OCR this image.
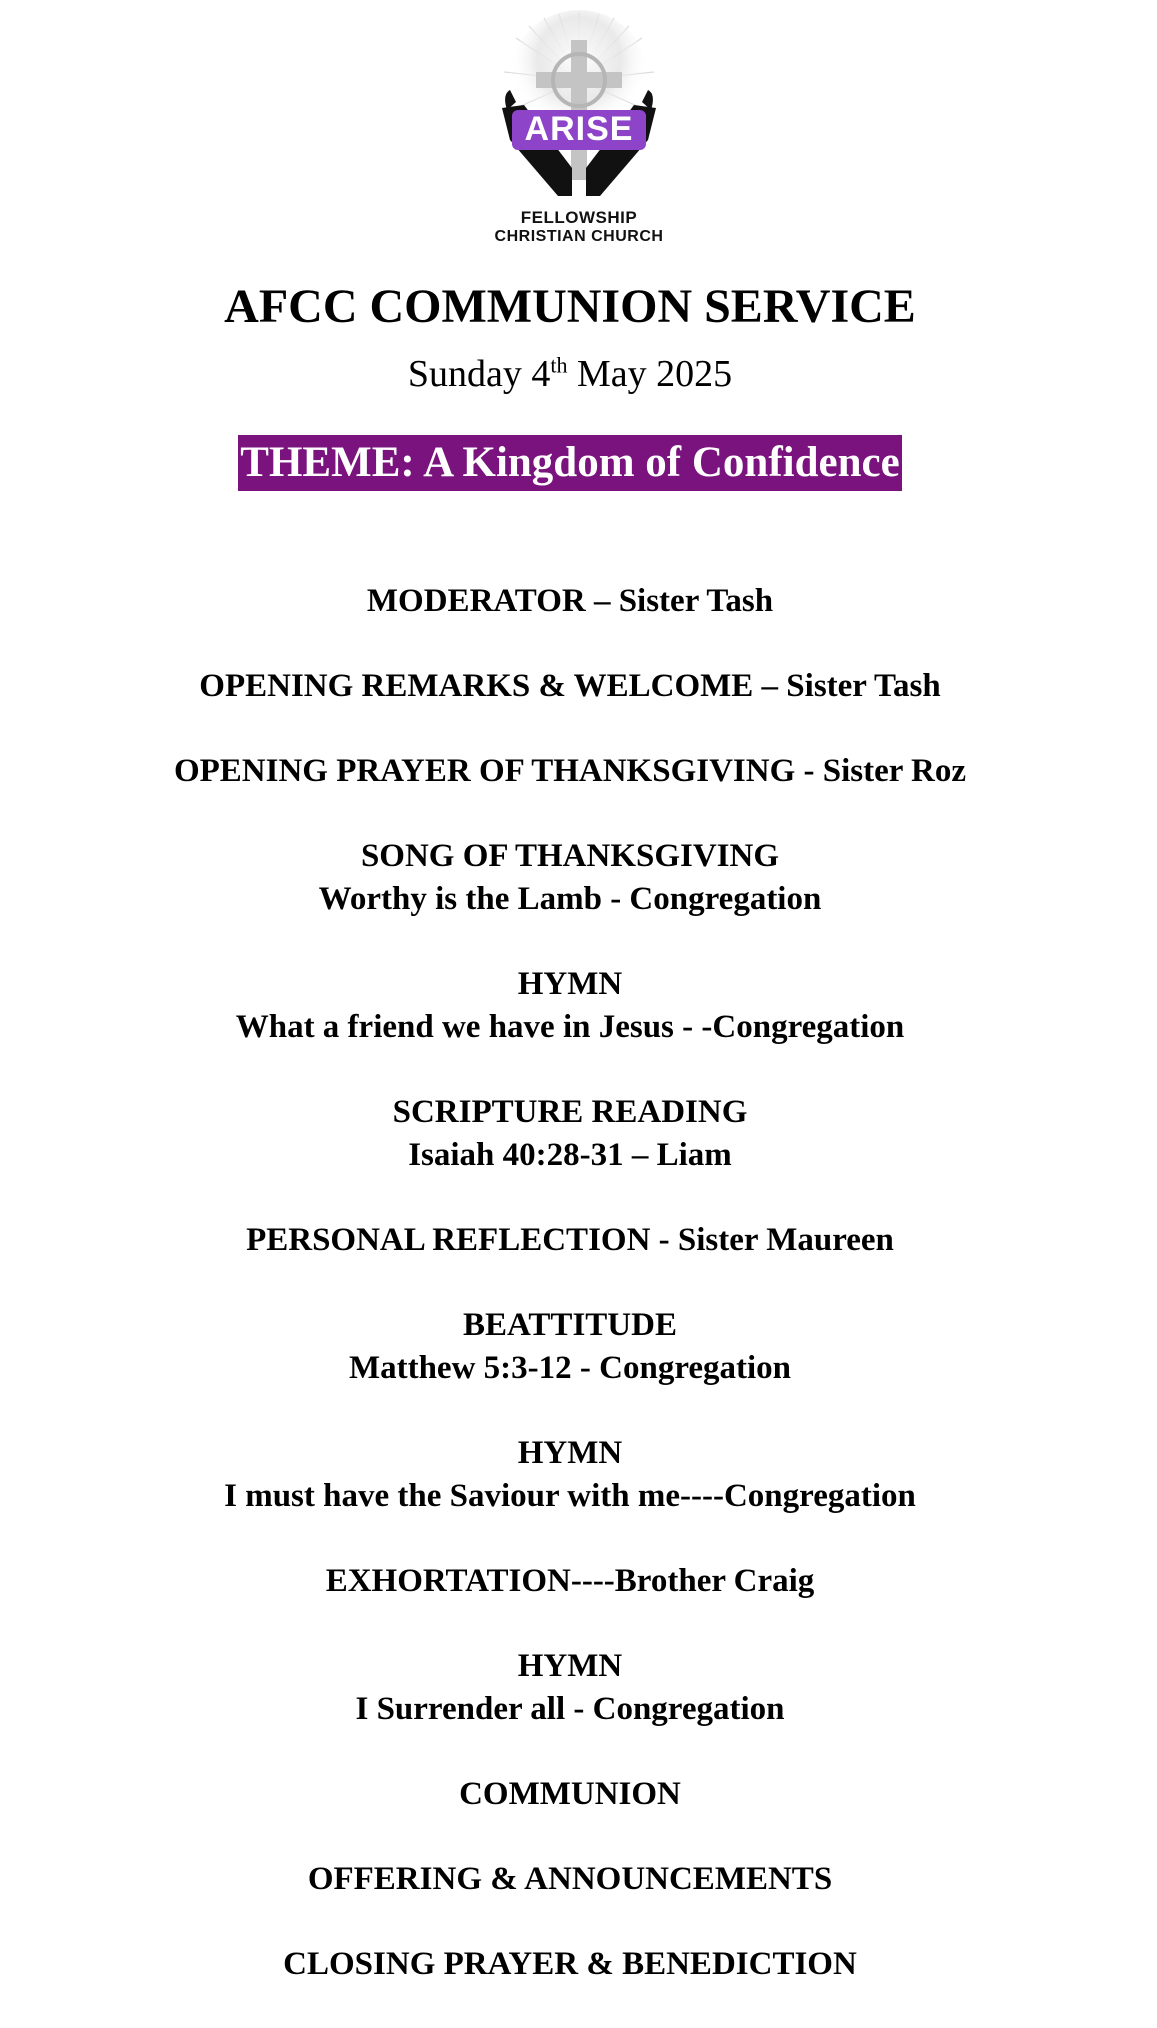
ARISE
FELLOWSHIP
CHRISTIAN CHURCH
AFCC COMMUNION SERVICE
Sunday 4th May 2025
THEME: A Kingdom of Confidence
MODERATOR – Sister Tash
OPENING REMARKS & WELCOME – Sister Tash
OPENING PRAYER OF THANKSGIVING - Sister Roz
SONG OF THANKSGIVING
Worthy is the Lamb - Congregation
HYMN
What a friend we have in Jesus - -Congregation
SCRIPTURE READING
Isaiah 40:28-31 – Liam
PERSONAL REFLECTION - Sister Maureen
BEATTITUDE
Matthew 5:3-12 - Congregation
HYMN
I must have the Saviour with me----Congregation
EXHORTATION----Brother Craig
HYMN
I Surrender all - Congregation
COMMUNION
OFFERING & ANNOUNCEMENTS
CLOSING PRAYER & BENEDICTION
